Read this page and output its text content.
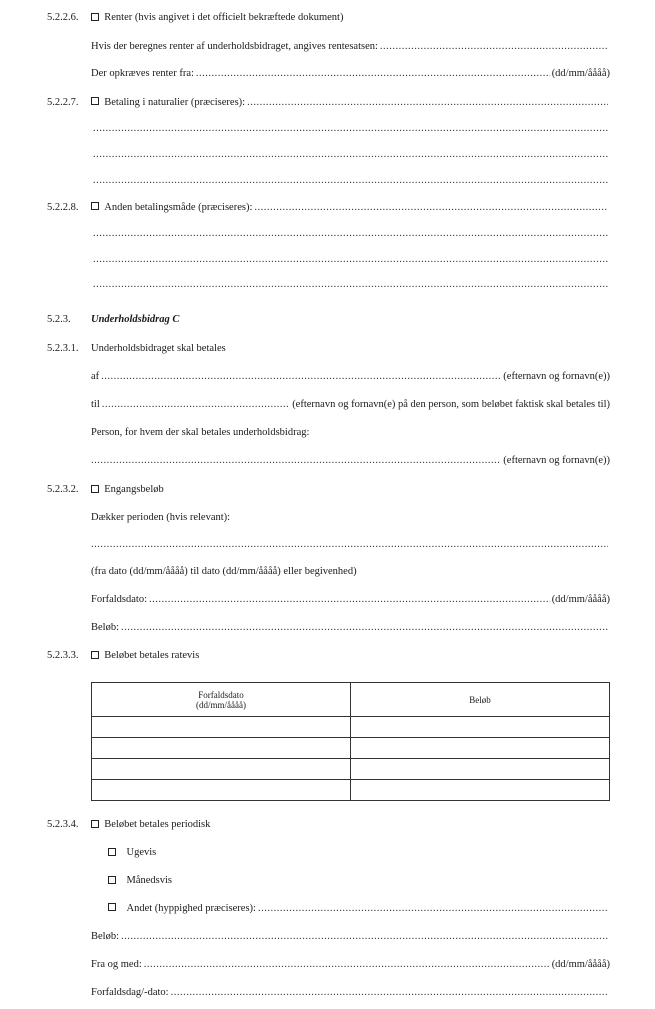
5.2.2.6.	Renter (hvis angivet i det officielt bekræftede dokument)
Hvis der beregnes renter af underholdsbidraget, angives rentesatsen:
.....
Der opkræves renter fra: .....	(dd/mm/åååå)
5.2.2.7.
Betaling i naturalier (præciseres):
.....
.....
.....
.....
5.2.2.8.
Anden betalingsmåde (præciseres):
.....
.....
.....
.....
5.2.3. Underholdsbidrag C
5.2.3.1. Underholdsbidraget skal betales
af .....	(efternavn og fornavn(e))
til .....	(efternavn og fornavn(e) på den person, som beløbet faktisk skal betales til)
Person, for hvem der skal betales underholdsbidrag:
.....
(efternavn og fornavn(e))
5.2.3.2.	Engangsbeløb
Dækker perioden (hvis relevant):
.....
(fra dato (dd/mm/åååå) til dato (dd/mm/åååå) eller begivenhed)
Forfaldsdato: .....	(dd/mm/åååå)
Beløb:
.....
5.2.3.3.	Beløbet betales ratevis
Forfaldsdato
(dd/mm/åååå)	Beløb

5.2.3.4.	Beløbet betales periodisk
Ugevis
Månedsvis

Andet (hyppighed præciseres):
.....
Beløb:
.....
Fra og med: .....	(dd/mm/åååå)
Forfaldsdag/-dato:
.....
